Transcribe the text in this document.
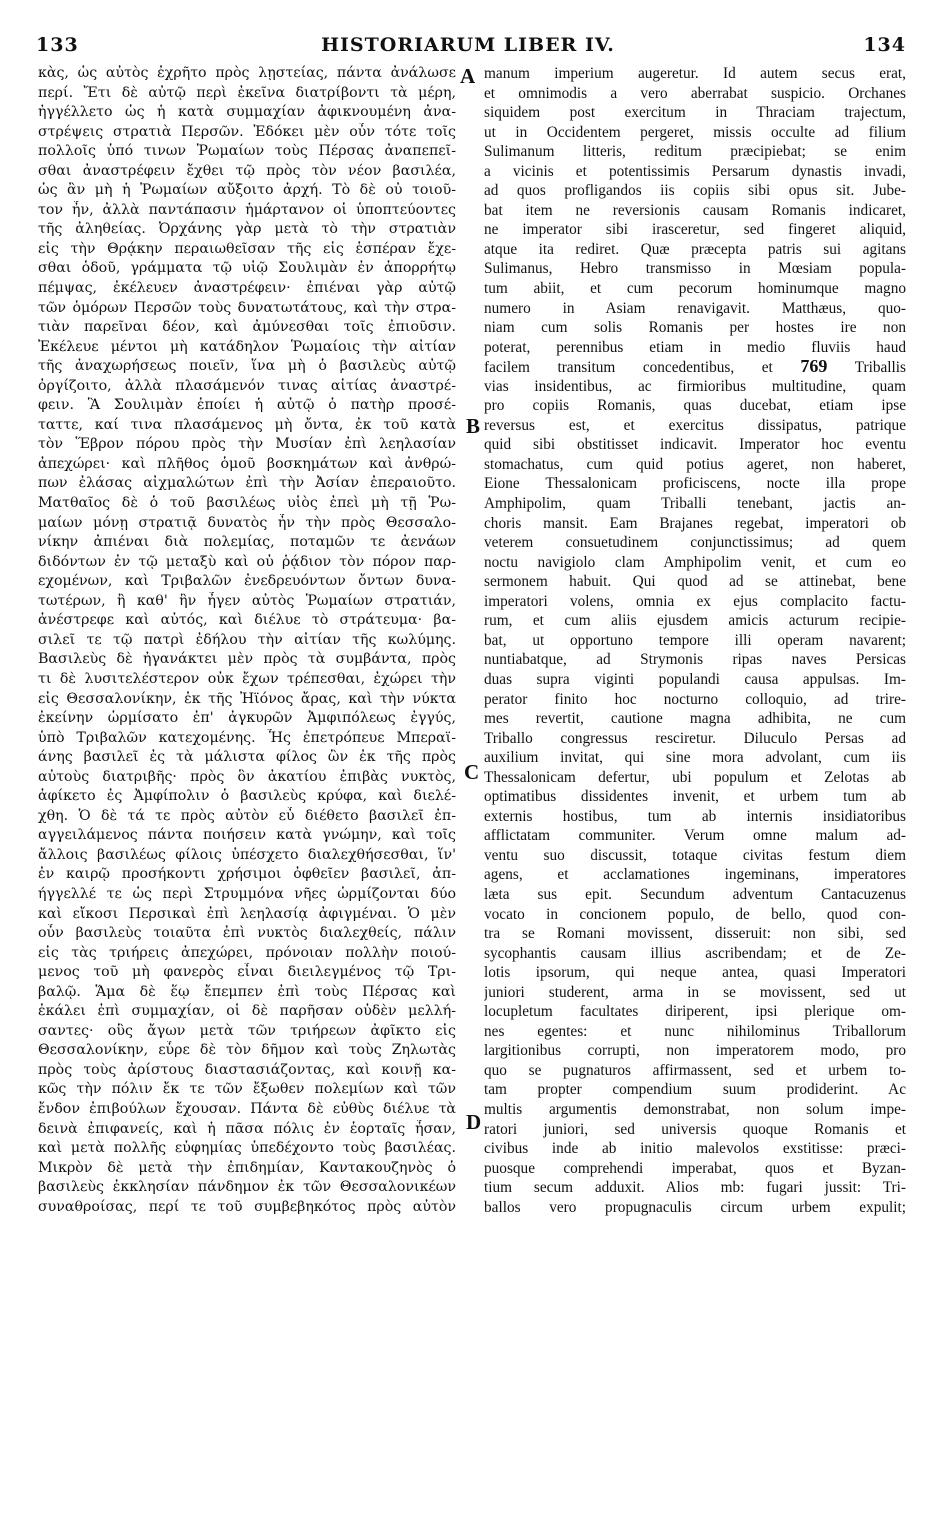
133	HISTORIARUM LIBER IV.	134
κὰς, ὡς αὐτὸς ἐχρῆτο πρὸς λῃστείας, πάντα ἀνάλωσε
περί. Ἔτι δὲ αὐτῷ περὶ ἐκεῖνα διατρίβοντι τὰ μέρη,
ἠγγέλλετο ὡς ἡ κατὰ συμμαχίαν ἀφικνουμένη ἀνα-
στρέψεις στρατιὰ Περσῶν. Ἐδόκει μὲν οὖν τότε τοῖς
πολλοῖς ὑπό τινων Ῥωμαίων τοὺς Πέρσας ἀναπεπεῖ-
σθαι ἀναστρέφειν ἔχθει τῷ πρὸς τὸν νέον βασιλέα,
ὡς ἂν μὴ ἡ Ῥωμαίων αὔξοιτο ἀρχή. Τὸ δὲ οὐ τοιοῦ-
τον ἦν, ἀλλὰ παντάπασιν ἡμάρτανον οἱ ὑποπτεύοντες
τῆς ἀληθείας. Ὀρχάνης γὰρ μετὰ τὸ τὴν στρατιὰν
εἰς τὴν Θρᾴκην περαιωθεῖσαν τῆς εἰς ἑσπέραν ἔχε-
σθαι ὁδοῦ, γράμματα τῷ υἱῷ Σουλιμὰν ἐν ἀπορρήτῳ
πέμψας, ἐκέλευεν ἀναστρέφειν· ἐπιέναι γὰρ αὐτῷ
τῶν ὁμόρων Περσῶν τοὺς δυνατωτάτους, καὶ τὴν στρα-
τιὰν παρεῖναι δέον, καὶ ἀμύνεσθαι τοῖς ἐπιοῦσιν.
Ἐκέλευε μέντοι μὴ κατάδηλον Ῥωμαίοις τὴν αἰτίαν
τῆς ἀναχωρήσεως ποιεῖν, ἵνα μὴ ὁ βασιλεὺς αὐτῷ
ὀργίζοιτο, ἀλλὰ πλασάμενόν τινας αἰτίας ἀναστρέ-
φειν. Ἃ Σουλιμὰν ἐποίει ἡ αὐτῷ ὁ πατὴρ προσέ-
ταττε, καί τινα πλασάμενος μὴ ὄντα, ἐκ τοῦ κατὰ
τὸν Ἕβρον πόρου πρὸς τὴν Μυσίαν ἐπὶ λεηλασίαν
ἀπεχώρει· καὶ πλῆθος ὁμοῦ βοσκημάτων καὶ ἀνθρώ-
πων ἐλάσας αἰχμαλώτων ἐπὶ τὴν Ἀσίαν ἐπεραιοῦτο.
Ματθαῖος δὲ ὁ τοῦ βασιλέως υἱὸς ἐπεὶ μὴ τῇ Ῥω-
μαίων μόνῃ στρατιᾷ δυνατὸς ἦν τὴν πρὸς Θεσσαλο-
νίκην ἀπιέναι διὰ πολεμίας, ποταμῶν τε ἀενάων
διδόντων ἐν τῷ μεταξὺ καὶ οὐ ῥᾴδιον τὸν πόρον παρ-
εχομένων, καὶ Τριβαλῶν ἐνεδρευόντων ὄντων δυνα-
τωτέρων, ἢ καθ' ἣν ἦγεν αὐτὸς Ῥωμαίων στρατιάν,
ἀνέστρεφε καὶ αὐτός, καὶ διέλυε τὸ στράτευμα· βα-
σιλεῖ τε τῷ πατρὶ ἐδήλου τὴν αἰτίαν τῆς κωλύμης.
Βασιλεὺς δὲ ἠγανάκτει μὲν πρὸς τὰ συμβάντα, πρὸς
τι δὲ λυσιτελέστερον οὐκ ἔχων τρέπεσθαι, ἐχώρει τὴν
εἰς Θεσσαλονίκην, ἐκ τῆς Ἠϊόνος ἄρας, καὶ τὴν νύκτα
ἐκείνην ὡρμίσατο ἐπ' ἀγκυρῶν Ἀμφιπόλεως ἐγγύς,
ὑπὸ Τριβαλῶν κατεχομένης. Ἧς ἐπετρόπευε Μπεραϊ-
άνης βασιλεῖ ἐς τὰ μάλιστα φίλος ὢν ἐκ τῆς πρὸς
αὐτοὺς διατριβῆς· πρὸς ὃν ἀκατίου ἐπιβὰς νυκτὸς,
ἀφίκετο ἐς Ἀμφίπολιν ὁ βασιλεὺς κρύφα, καὶ διελέ-
χθη. Ὁ δὲ τά τε πρὸς αὐτὸν εὖ διέθετο βασιλεῖ ἐπ-
αγγειλάμενος πάντα ποιήσειν κατὰ γνώμην, καὶ τοῖς
ἄλλοις βασιλέως φίλοις ὑπέσχετο διαλεχθήσεσθαι, ἵν'
ἐν καιρῷ προσήκοντι χρήσιμοι ὀφθεῖεν βασιλεῖ, ἀπ-
ήγγελλέ τε ὡς περὶ Στρυμμόνα νῆες ὡρμίζονται δύο
καὶ εἴκοσι Περσικαὶ ἐπὶ λεηλασίᾳ ἀφιγμέναι. Ὁ μὲν
οὖν βασιλεὺς τοιαῦτα ἐπὶ νυκτὸς διαλεχθείς, πάλιν
εἰς τὰς τριήρεις ἀπεχώρει, πρόνοιαν πολλὴν ποιού-
μενος τοῦ μὴ φανερὸς εἶναι διειλεγμένος τῷ Τρι-
βαλῷ. Ἅμα δὲ ἕῳ ἔπεμπεν ἐπὶ τοὺς Πέρσας καὶ
ἐκάλει ἐπὶ συμμαχίαν, οἱ δὲ παρῆσαν οὐδὲν μελλή-
σαντες· οὓς ἄγων μετὰ τῶν τριήρεων ἀφῖκτο εἰς
Θεσσαλονίκην, εὗρε δὲ τὸν δῆμον καὶ τοὺς Ζηλωτὰς
πρὸς τοὺς ἀρίστους διαστασιάζοντας, καὶ κοινῇ κα-
κῶς τὴν πόλιν ἔκ τε τῶν ἔξωθεν πολεμίων καὶ τῶν
ἔνδον ἐπιβούλων ἔχουσαν. Πάντα δὲ εὐθὺς διέλυε τὰ
δεινὰ ἐπιφανείς, καὶ ἡ πᾶσα πόλις ἐν ἑορταῖς ἦσαν,
καὶ μετὰ πολλῆς εὐφημίας ὑπεδέχοντο τοὺς βασιλέας.
Μικρὸν δὲ μετὰ τὴν ἐπιδημίαν, Καντακουζηνὸς ὁ
βασιλεὺς ἐκκλησίαν πάνδημον ἐκ τῶν Θεσσαλονικέων
συναθροίσας, περί τε τοῦ συμβεβηκότος πρὸς αὐτὸν
manum imperium augeretur. Id autem secus erat,
et omnimodis a vero aberrabat suspicio. Orchanes
siquidem post exercitum in Thraciam trajectum,
ut in Occidentem pergeret, missis occulte ad filium
Sulimanum litteris, reditum præcipiebat; se enim
a vicinis et potentissimis Persarum dynastis invadi,
ad quos profligandos iis copiis sibi opus sit. Jube-
bat item ne reversionis causam Romanis indicaret,
ne imperator sibi irasceretur, sed fingeret aliquid,
atque ita rediret. Quæ præcepta patris sui agitans
Sulimanus, Hebro transmisso in Mœsiam popula-
tum abiit, et cum pecorum hominumque magno
numero in Asiam renavigavit. Matthæus, quo-
niam cum solis Romanis per hostes ire non
poterat, perennibus etiam in medio fluviis haud
facilem transitum concedentibus, et 769 Triballis
vias insidentibus, ac firmioribus multitudine, quam
pro copiis Romanis, quas ducebat, etiam ipse
reversus est, et exercitus dissipatus, patrique
quid sibi obstitisset indicavit. Imperator hoc eventu
stomachatus, cum quid potius ageret, non haberet,
Eione Thessalonicam proficiscens, nocte illa prope
Amphipolim, quam Triballi tenebant, jactis an-
choris mansit. Eam Brajanes regebat, imperatori ob
veterem consuetudinem conjunctissimus; ad quem
noctu navigiolo clam Amphipolim venit, et cum eo
sermonem habuit. Qui quod ad se attinebat, bene
imperatori volens, omnia ex ejus complacito factu-
rum, et cum aliis ejusdem amicis acturum recipie-
bat, ut opportuno tempore illi operam navarent;
nuntiabatque, ad Strymonis ripas naves Persicas
duas supra viginti populandi causa appulsas. Im-
perator finito hoc nocturno colloquio, ad trire-
mes revertit, cautione magna adhibita, ne cum
Triballo congressus resciretur. Diluculo Persas ad
auxilium invitat, qui sine mora advolant, cum iis
Thessalonicam defertur, ubi populum et Zelotas ab
optimatibus dissidentes invenit, et urbem tum ab
externis hostibus, tum ab internis insidiatoribus
afflictatam communiter. Verum omne malum ad-
ventu suo discussit, totaque civitas festum diem
agens, et acclamationes ingeminans, imperatores
læta sus epit. Secundum adventum Cantacuzenus
vocato in concionem populo, de bello, quod con-
tra se Romani movissent, disseruit: non sibi, sed
sycophantis causam illius ascribendam; et de Ze-
lotis ipsorum, qui neque antea, quasi Imperatori
juniori studerent, arma in se movissent, sed ut
locupletum facultates diriperent, ipsi plerique om-
nes egentes: et nunc nihilominus Triballorum
largitionibus corrupti, non imperatorem modo, pro
quo se pugnaturos affirmassent, sed et urbem to-
tam propter compendium suum prodiderint. Ac
multis argumentis demonstrabat, non solum impe-
ratori juniori, sed universis quoque Romanis et
civibus inde ab initio malevolos exstitisse: præci-
puosque comprehendi imperabat, quos et Byzan-
tium secum adduxit. Alios mb: fugari jussit: Tri-
ballos vero propugnaculis circum urbem expulit;
A
B
C
D
